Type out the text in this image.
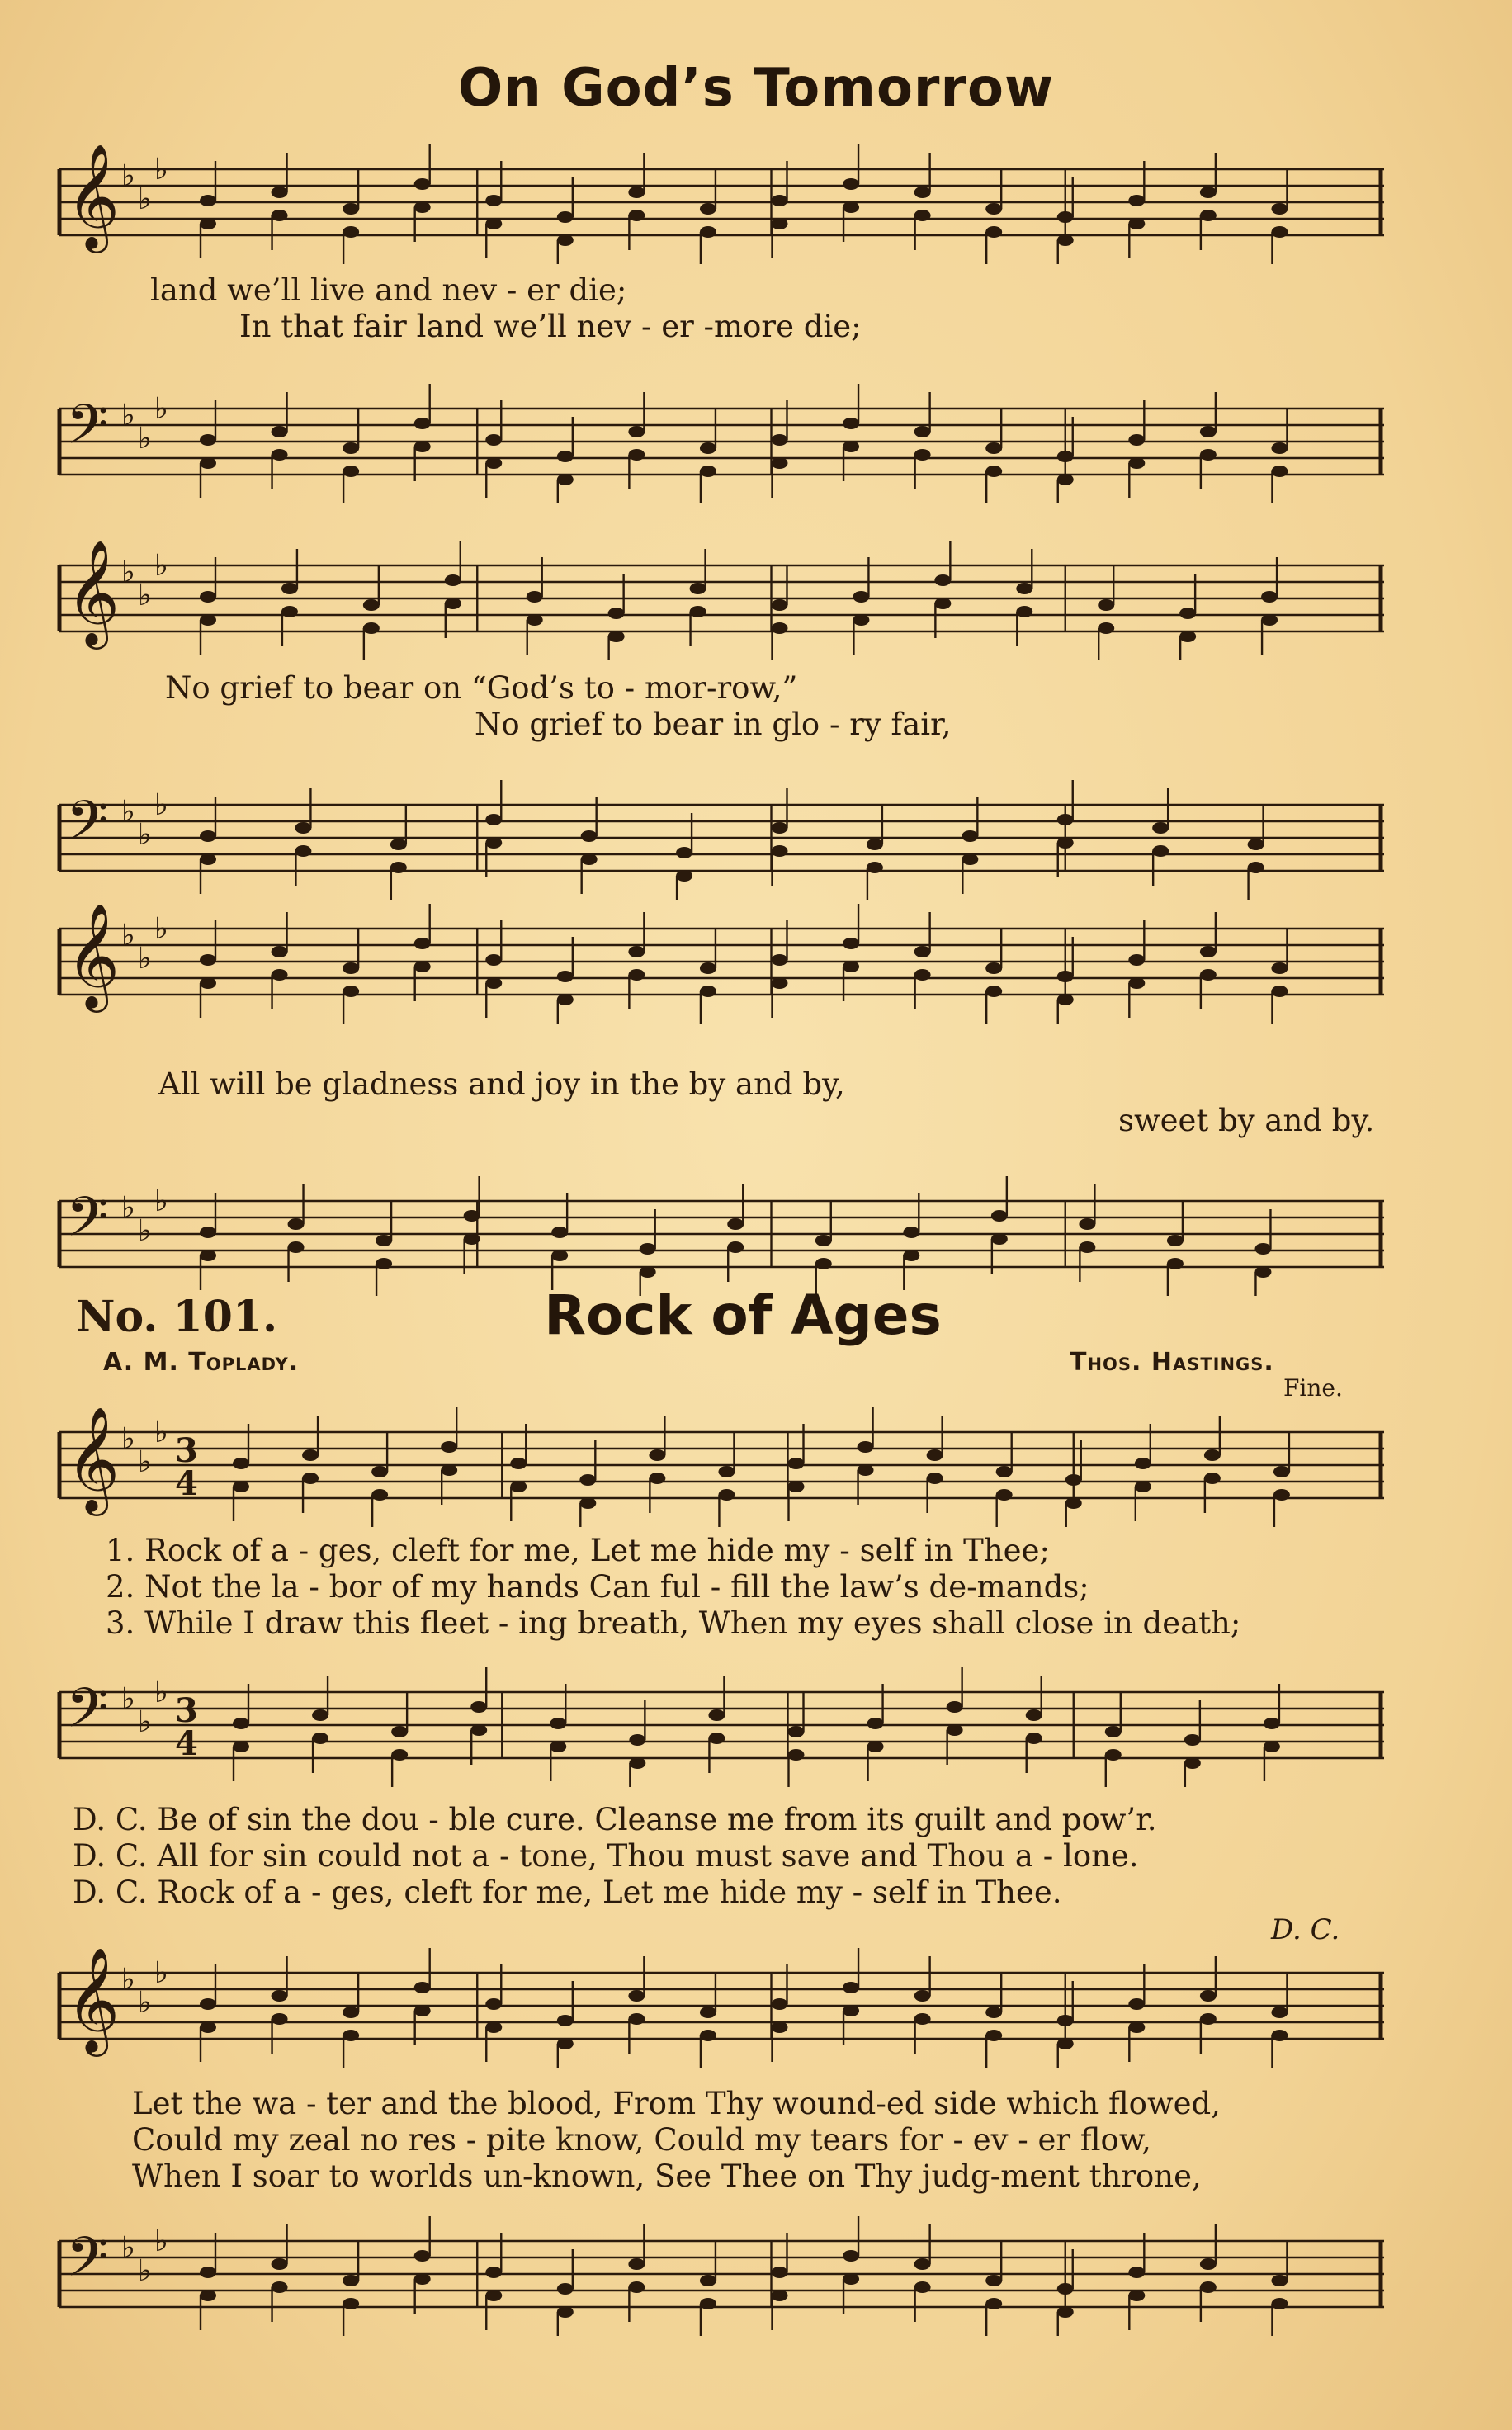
On God’s Tomorrow
𝄞 ♭
♭
♭
land we’ll live and nev - er die;
In that fair land we’ll nev - er -more die;
𝄢 ♭
♭
♭
𝄞 ♭
♭
♭
No grief to bear on “God’s to - mor-row,”
No grief to bear in glo - ry fair,
𝄢 ♭
♭
♭
𝄞 ♭
♭
♭
All will be gladness and joy in the by and by,
sweet by and by.
𝄢 ♭
♭
♭
No. 101.	Rock of Ages
A. M. Toplady.	Thos. Hastings.
Fine.
𝄞 ♭
♭
♭ 3
4
1. Rock of a - ges, cleft for me, Let me hide my - self in Thee;
2. Not the la - bor of my hands Can ful - fill the law’s de-mands;
3. While I draw this fleet - ing breath, When my eyes shall close in death;
𝄢 ♭
♭
♭ 3
4
D. C. Be of sin the dou - ble cure. Cleanse me from its guilt and pow’r.
D. C. All for sin could not a - tone, Thou must save and Thou a - lone.
D. C. Rock of a - ges, cleft for me, Let me hide my - self in Thee.
D. C.
𝄞 ♭
♭
♭
Let the wa - ter and the blood, From Thy wound-ed side which flowed,
Could my zeal no res - pite know, Could my tears for - ev - er flow,
When I soar to worlds un-known, See Thee on Thy judg-ment throne,
𝄢 ♭
♭
♭
